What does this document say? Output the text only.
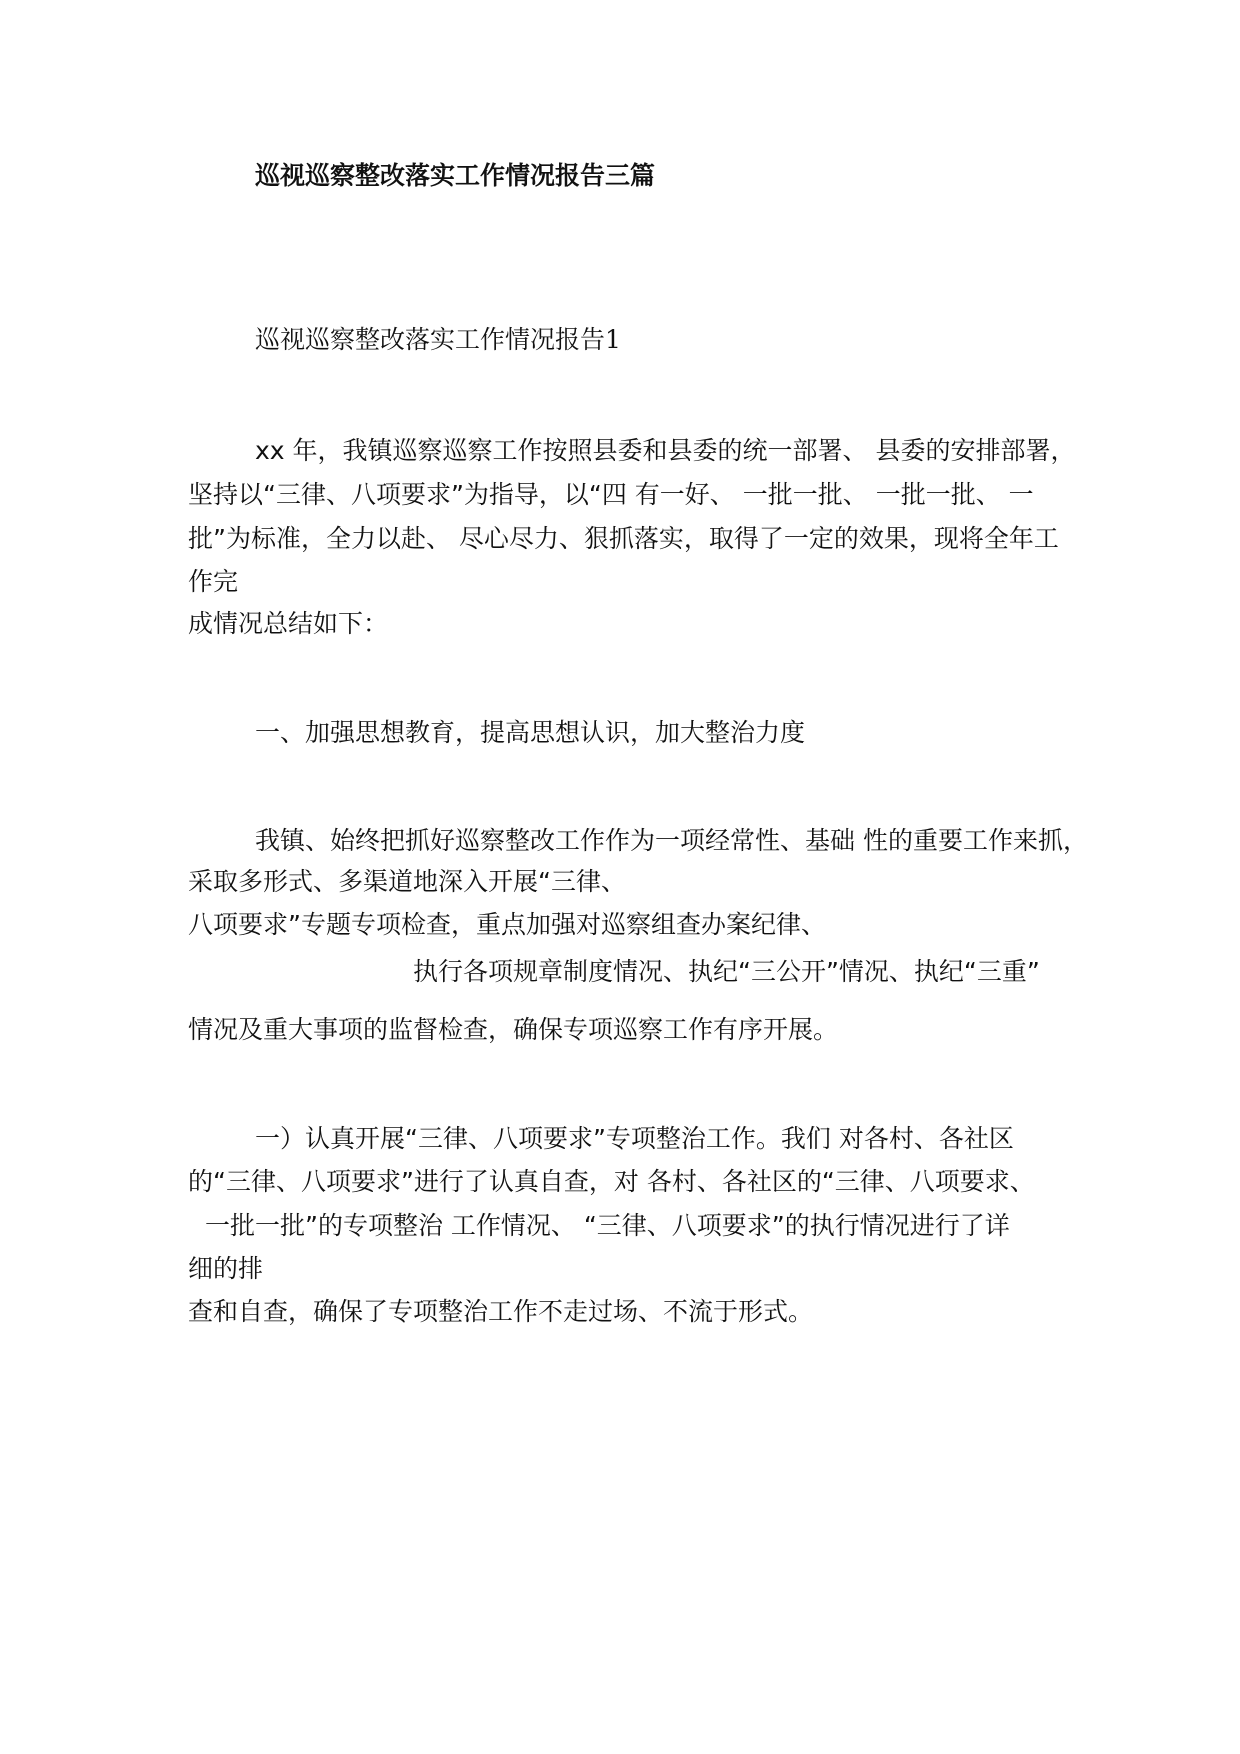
巡视巡察整改落实工作情况报告三篇
巡视巡察整改落实工作情况报告1
xx 年，我镇巡察巡察工作按照县委和县委的统一部署、 县委的安排部署，
坚持以“三律、八项要求”为指导，以“四 有一好、 一批一批、 一批一批、 一
批”为标准，全力以赴、 尽心尽力、狠抓落实，取得了一定的效果，现将全年工
作完
成情况总结如下：
一、加强思想教育，提高思想认识，加大整治力度
我镇、始终把抓好巡察整改工作作为一项经常性、基础 性的重要工作来抓，
采取多形式、多渠道地深入开展“三律、
八项要求”专题专项检查，重点加强对巡察组查办案纪律、
执行各项规章制度情况、执纪“三公开”情况、执纪“三重”
情况及重大事项的监督检查，确保专项巡察工作有序开展。
一）认真开展“三律、八项要求”专项整治工作。我们 对各村、各社区
的“三律、八项要求”进行了认真自查，对 各村、各社区的“三律、八项要求、
一批一批”的专项整治 工作情况、 “三律、八项要求”的执行情况进行了详
细的排
查和自查，确保了专项整治工作不走过场、不流于形式。
